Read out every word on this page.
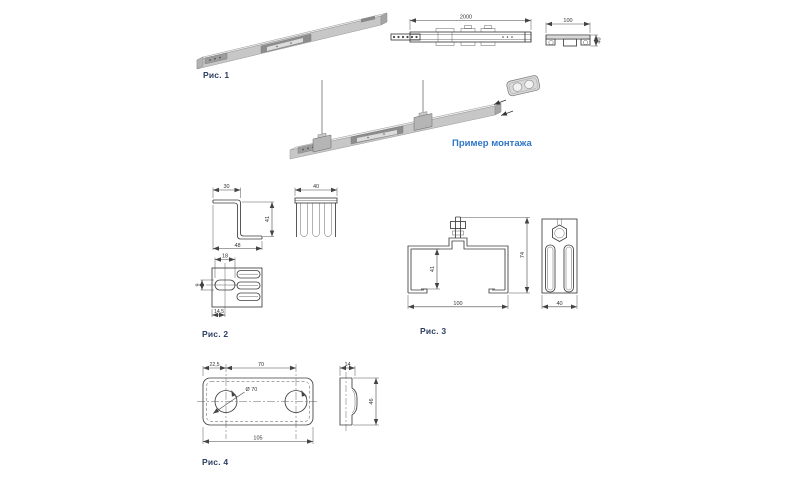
Рис. 1
2000
100
40
Пример монтажа
30
48
41
40
18
9
14,5
Рис. 2
41
74
100	40
Рис. 3
22,5	70
Ø 70
105
14
46
Рис. 4
